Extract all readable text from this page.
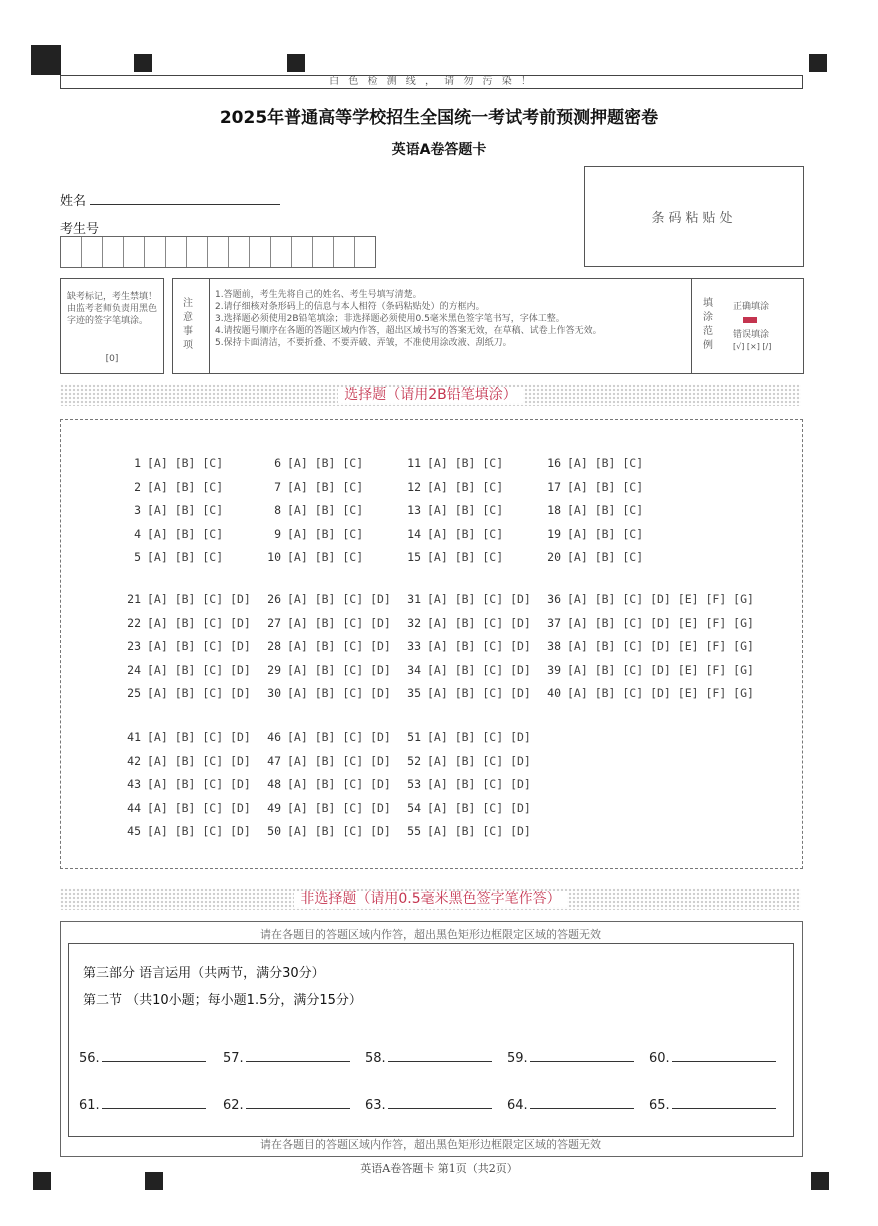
白 色 检 测 线 ， 请 勿 污 染 ！
2025年普通高等学校招生全国统一考试考前预测押题密卷
英语A卷答题卡
姓名
考生号
条码粘贴处
缺考标记，考生禁填！由监考老师负责用黑色字迹的签字笔填涂。
[0]
注意事项
1.答题前，考生先将自己的姓名、考生号填写清楚。
2.请仔细核对条形码上的信息与本人相符（条码粘贴处）的方框内。
3.选择题必须使用2B铅笔填涂；非选择题必须使用0.5毫米黑色签字笔书写，字体工整。
4.请按题号顺序在各题的答题区域内作答，超出区域书写的答案无效，在草稿、试卷上作答无效。
5.保持卡面清洁，不要折叠、不要弄破、弄皱，不准使用涂改液、刮纸刀。
填涂范例
正确填涂
错误填涂
[√] [×] [/]
选择题（请用2B铅笔填涂）
1 [A] [B] [C]	6 [A] [B] [C]	11 [A] [B] [C]	16 [A] [B] [C]
2 [A] [B] [C]	7 [A] [B] [C]	12 [A] [B] [C]	17 [A] [B] [C]
3 [A] [B] [C]	8 [A] [B] [C]	13 [A] [B] [C]	18 [A] [B] [C]
4 [A] [B] [C]	9 [A] [B] [C]	14 [A] [B] [C]	19 [A] [B] [C]
5 [A] [B] [C]	10 [A] [B] [C]	15 [A] [B] [C]	20 [A] [B] [C]
21 [A] [B] [C] [D]	26 [A] [B] [C] [D]	31 [A] [B] [C] [D]	36 [A] [B] [C] [D] [E] [F] [G]
22 [A] [B] [C] [D]	27 [A] [B] [C] [D]	32 [A] [B] [C] [D]	37 [A] [B] [C] [D] [E] [F] [G]
23 [A] [B] [C] [D]	28 [A] [B] [C] [D]	33 [A] [B] [C] [D]	38 [A] [B] [C] [D] [E] [F] [G]
24 [A] [B] [C] [D]	29 [A] [B] [C] [D]	34 [A] [B] [C] [D]	39 [A] [B] [C] [D] [E] [F] [G]
25 [A] [B] [C] [D]	30 [A] [B] [C] [D]	35 [A] [B] [C] [D]	40 [A] [B] [C] [D] [E] [F] [G]
41 [A] [B] [C] [D]	46 [A] [B] [C] [D]	51 [A] [B] [C] [D]
42 [A] [B] [C] [D]	47 [A] [B] [C] [D]	52 [A] [B] [C] [D]
43 [A] [B] [C] [D]	48 [A] [B] [C] [D]	53 [A] [B] [C] [D]
44 [A] [B] [C] [D]	49 [A] [B] [C] [D]	54 [A] [B] [C] [D]
45 [A] [B] [C] [D]	50 [A] [B] [C] [D]	55 [A] [B] [C] [D]
非选择题（请用0.5毫米黑色签字笔作答）
请在各题目的答题区域内作答，超出黑色矩形边框限定区域的答题无效
第三部分 语言运用（共两节，满分30分）
第二节 （共10小题；每小题1.5分，满分15分）
56.	57.	58.	59.	60.
61.	62.	63.	64.	65.
请在各题目的答题区域内作答，超出黑色矩形边框限定区域的答题无效
英语A卷答题卡 第1页（共2页）
